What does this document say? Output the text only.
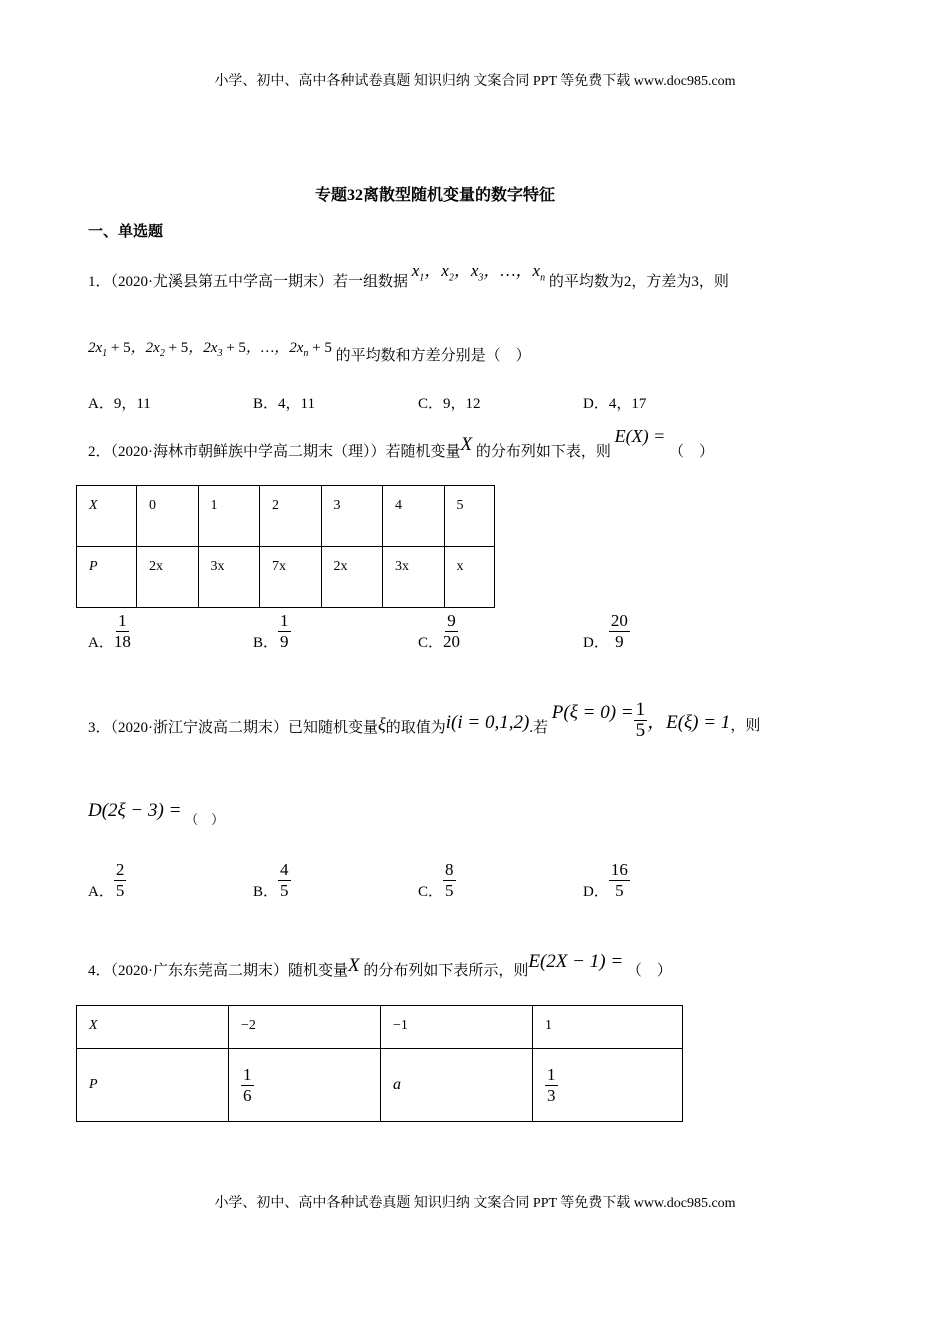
小学、初中、高中各种试卷真题 知识归纳 文案合同 PPT 等免费下载 www.doc985.com
专题32离散型随机变量的数字特征
一、单选题
1．（2020·尤溪县第五中学高一期末）若一组数据 $x_1$，$x_2$，$x_3$，…，$x_n$ 的平均数为2，方差为3，则
$2x_1 + 5$，$2x_2 + 5$，$2x_3 + 5$，…，$2x_n + 5$ 的平均数和方差分别是（　）
A．9，11	B．4，11	C．9，12	D．4，17
2．（2020·海林市朝鲜族中学高二期末（理））若随机变量X 的分布列如下表，则 E(X) = （　）
X	0	1	2	3	4	5
P	2x	3x	7x	2x	3x	x
A． $\frac{1}{18}$	B． $\frac{1}{9}$	C． $\frac{9}{20}$	D． $\frac{20}{9}$
3．（2020·浙江宁波高二期末）已知随机变量ξ的取值为i(i = 0,1,2).若 $P(\xi = 0) = \frac{1}{5}$ ，E(ξ) = 1，则
D(2ξ − 3) = （　）
A． $\frac{2}{5}$	B． $\frac{4}{5}$	C． $\frac{8}{5}$	D． $\frac{16}{5}$
4．（2020·广东东莞高二期末）随机变量X 的分布列如下表所示，则E(2X − 1) = （　）
X	−2	−1	1
P	$\frac{1}{6}$	a	$\frac{1}{3}$
小学、初中、高中各种试卷真题 知识归纳 文案合同 PPT 等免费下载 www.doc985.com
